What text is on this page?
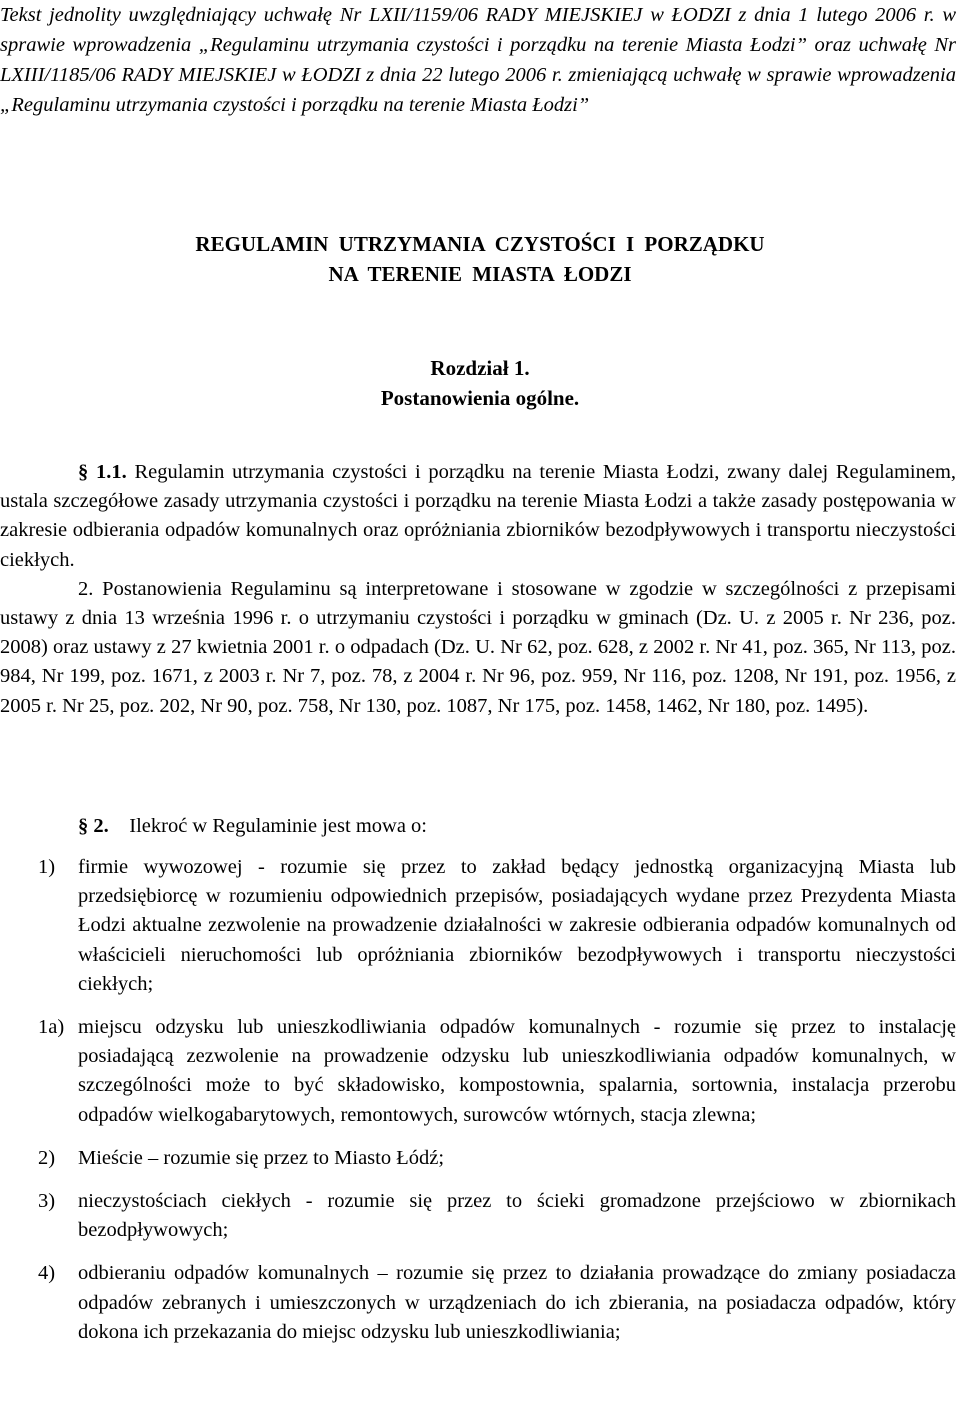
Tekst jednolity uwzględniający uchwałę Nr LXII/1159/06 RADY MIEJSKIEJ w ŁODZI z dnia 1 lutego 2006 r. w sprawie wprowadzenia „Regulaminu utrzymania czystości i porządku na terenie Miasta Łodzi” oraz uchwałę Nr LXIII/1185/06 RADY MIEJSKIEJ w ŁODZI z dnia 22 lutego 2006 r. zmieniającą uchwałę w sprawie wprowadzenia „Regulaminu utrzymania czystości i porządku na terenie Miasta Łodzi”
REGULAMIN UTRZYMANIA CZYSTOŚCI I PORZĄDKU
NA TERENIE MIASTA ŁODZI
Rozdział 1.
Postanowienia ogólne.

§ 1.1. Regulamin utrzymania czystości i porządku na terenie Miasta Łodzi, zwany dalej Regulaminem, ustala szczegółowe zasady utrzymania czystości i porządku na terenie Miasta Łodzi a także zasady postępowania w zakresie odbierania odpadów komunalnych oraz opróżniania zbiorników bezodpływowych i transportu nieczystości ciekłych.

2. Postanowienia Regulaminu są interpretowane i stosowane w zgodzie w szczególności z przepisami ustawy z dnia 13 września 1996 r. o utrzymaniu czystości i porządku w gminach (Dz. U. z 2005 r. Nr 236, poz. 2008) oraz ustawy z 27 kwietnia 2001 r. o odpadach (Dz. U. Nr 62, poz. 628, z 2002 r. Nr 41, poz. 365, Nr 113, poz. 984, Nr 199, poz. 1671, z 2003 r. Nr 7, poz. 78, z 2004 r. Nr 96, poz. 959, Nr 116, poz. 1208, Nr 191, poz. 1956, z 2005 r. Nr 25, poz. 202, Nr 90, poz. 758, Nr 130, poz. 1087, Nr 175, poz. 1458, 1462, Nr 180, poz. 1495).

§ 2. Ilekroć w Regulaminie jest mowa o:

1)	firmie wywozowej - rozumie się przez to zakład będący jednostką organizacyjną Miasta lub przedsiębiorcę w rozumieniu odpowiednich przepisów, posiadających wydane przez Prezydenta Miasta Łodzi aktualne zezwolenie na prowadzenie działalności w zakresie odbierania odpadów komunalnych od właścicieli nieruchomości lub opróżniania zbiorników bezodpływowych i transportu nieczystości ciekłych;
1a) miejscu odzysku lub unieszkodliwiania odpadów komunalnych - rozumie się przez to instalację posiadającą zezwolenie na prowadzenie odzysku lub unieszkodliwiania odpadów komunalnych, w szczególności może to być składowisko, kompostownia, spalarnia, sortownia, instalacja przerobu odpadów wielkogabarytowych, remontowych, surowców wtórnych, stacja zlewna;
2)	Mieście – rozumie się przez to Miasto Łódź;
3)	nieczystościach ciekłych - rozumie się przez to ścieki gromadzone przejściowo w zbiornikach bezodpływowych;
4)	odbieraniu odpadów komunalnych – rozumie się przez to działania prowadzące do zmiany posiadacza odpadów zebranych i umieszczonych w urządzeniach do ich zbierania, na posiadacza odpadów, który dokona ich przekazania do miejsc odzysku lub unieszkodliwiania;
